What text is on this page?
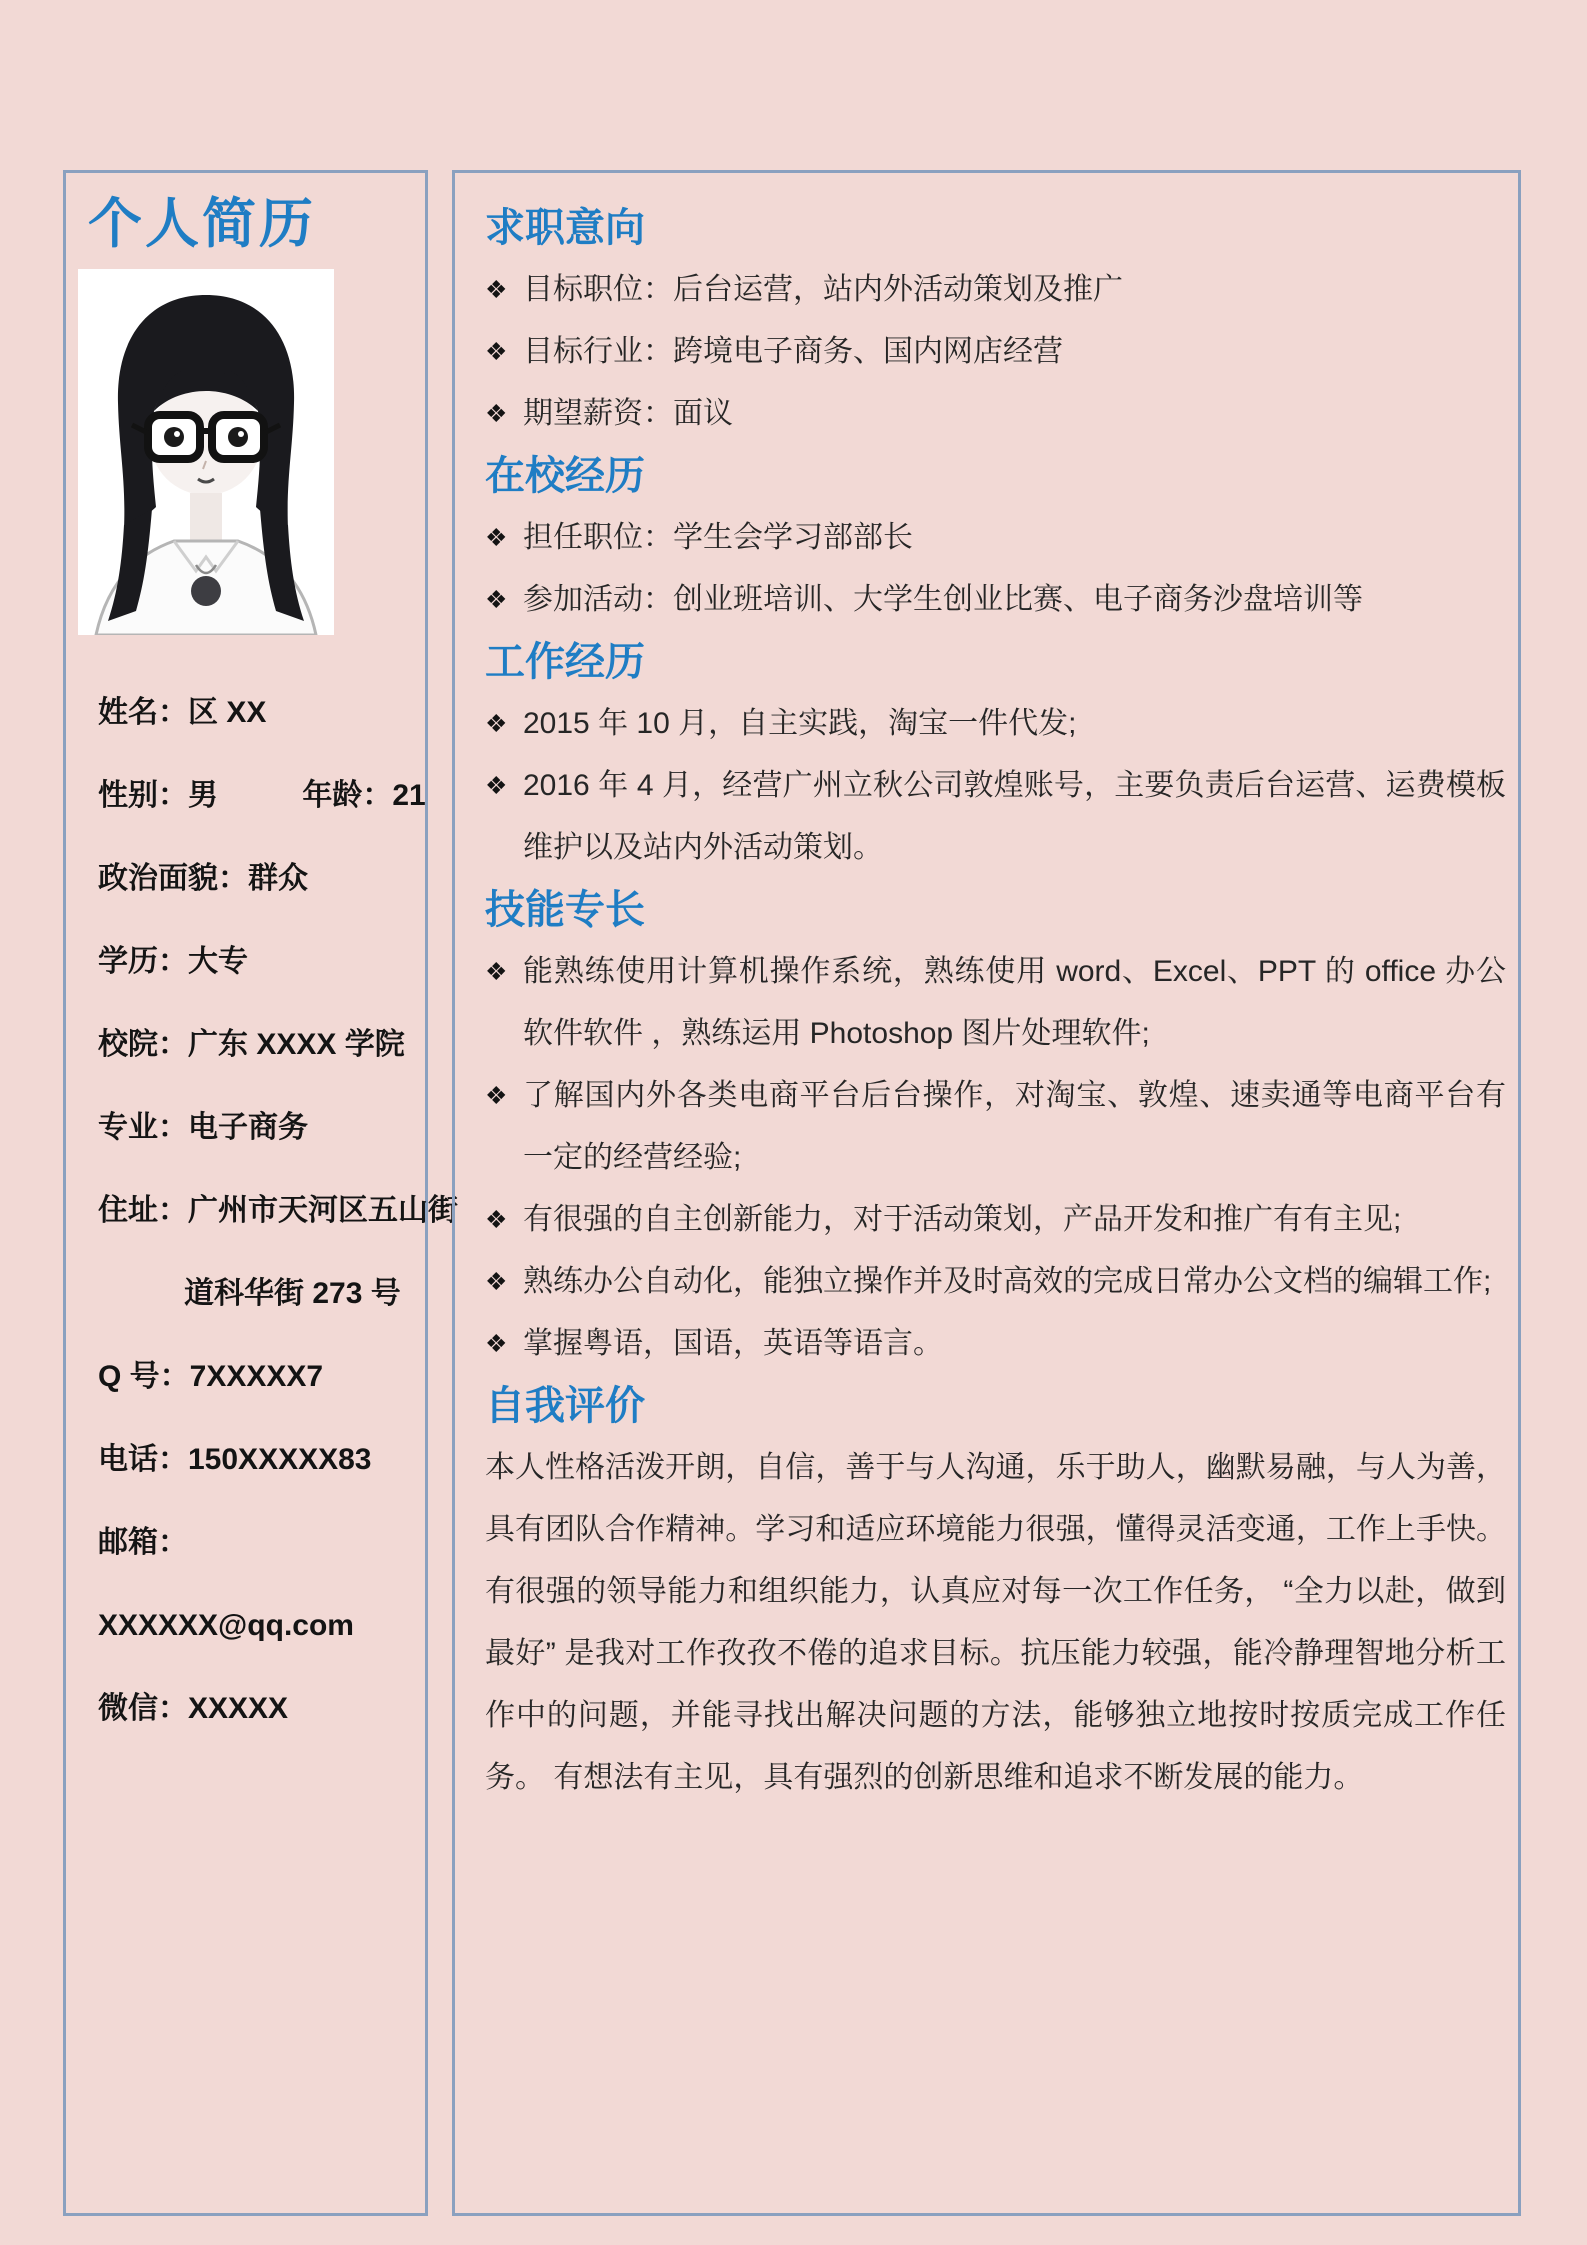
个人简历
姓名：区 XX
性别：男	年龄：21
政治面貌：群众
学历：大专
校院：广东 XXXX 学院
专业：电子商务
住址：广州市天河区五山街
道科华街 273 号
Q 号：7XXXXX7
电话：150XXXXX83
邮箱：
XXXXXX@qq.com
微信：XXXXX
求职意向
❖ 目标职位：后台运营，站内外活动策划及推广
❖ 目标行业：跨境电子商务、国内网店经营
❖ 期望薪资：面议
在校经历
❖ 担任职位：学生会学习部部长
❖ 参加活动：创业班培训、大学生创业比赛、电子商务沙盘培训等
工作经历
❖ 2015 年 10 月，自主实践，淘宝一件代发;
❖ 2016 年 4 月，经营广州立秋公司敦煌账号，主要负责后台运营、运费模板维护以及站内外活动策划。
技能专长
❖ 能熟练使用计算机操作系统，熟练使用 word、Excel、PPT 的 office 办公软件软件 ，熟练运用 Photoshop 图片处理软件;
❖ 了解国内外各类电商平台后台操作，对淘宝、敦煌、速卖通等电商平台有一定的经营经验;
❖ 有很强的自主创新能力，对于活动策划，产品开发和推广有有主见;
❖ 熟练办公自动化，能独立操作并及时高效的完成日常办公文档的编辑工作;
❖ 掌握粤语，国语，英语等语言。
自我评价

本人性格活泼开朗，自信，善于与人沟通，乐于助人，幽默易融，与人为善，具有团队合作精神。学习和适应环境能力很强，懂得灵活变通，工作上手快。有很强的领导能力和组织能力，认真应对每一次工作任务， “全力以赴，做到最好” 是我对工作孜孜不倦的追求目标。抗压能力较强，能冷静理智地分析工作中的问题，并能寻找出解决问题的方法，能够独立地按时按质完成工作任务。 有想法有主见，具有强烈的创新思维和追求不断发展的能力。
